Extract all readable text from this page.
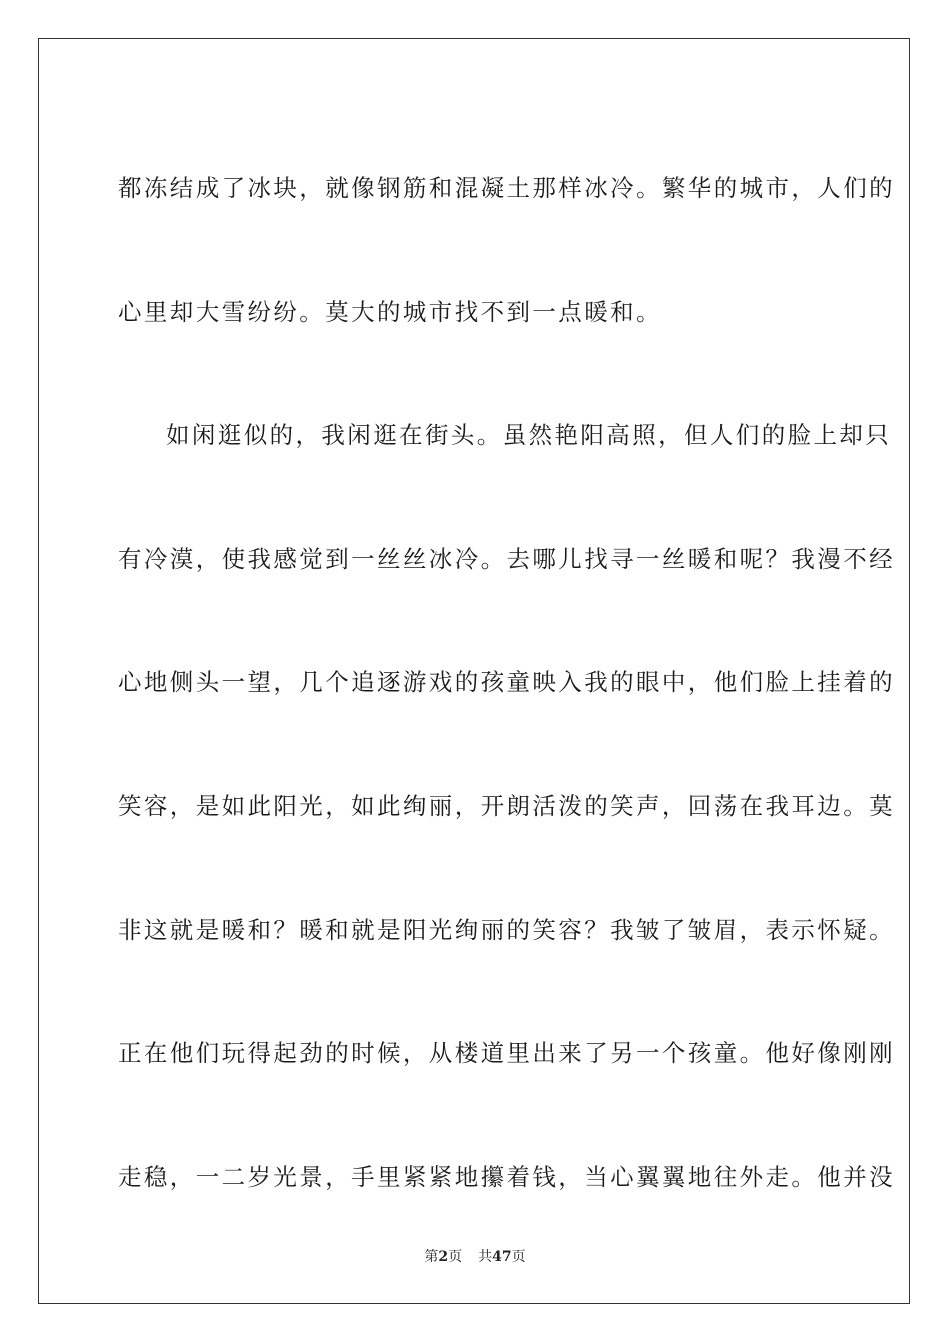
都冻结成了冰块，就像钢筋和混凝土那样冰冷。繁华的城市，人们的
心里却大雪纷纷。莫大的城市找不到一点暖和。
如闲逛似的，我闲逛在街头。虽然艳阳高照，但人们的脸上却只
有冷漠，使我感觉到一丝丝冰冷。去哪儿找寻一丝暖和呢？我漫不经
心地侧头一望，几个追逐游戏的孩童映入我的眼中，他们脸上挂着的
笑容，是如此阳光，如此绚丽，开朗活泼的笑声，回荡在我耳边。莫
非这就是暖和？暖和就是阳光绚丽的笑容？我皱了皱眉，表示怀疑。
正在他们玩得起劲的时候，从楼道里出来了另一个孩童。他好像刚刚
走稳，一二岁光景，手里紧紧地攥着钱，当心翼翼地往外走。他并没
第2页 共47页
